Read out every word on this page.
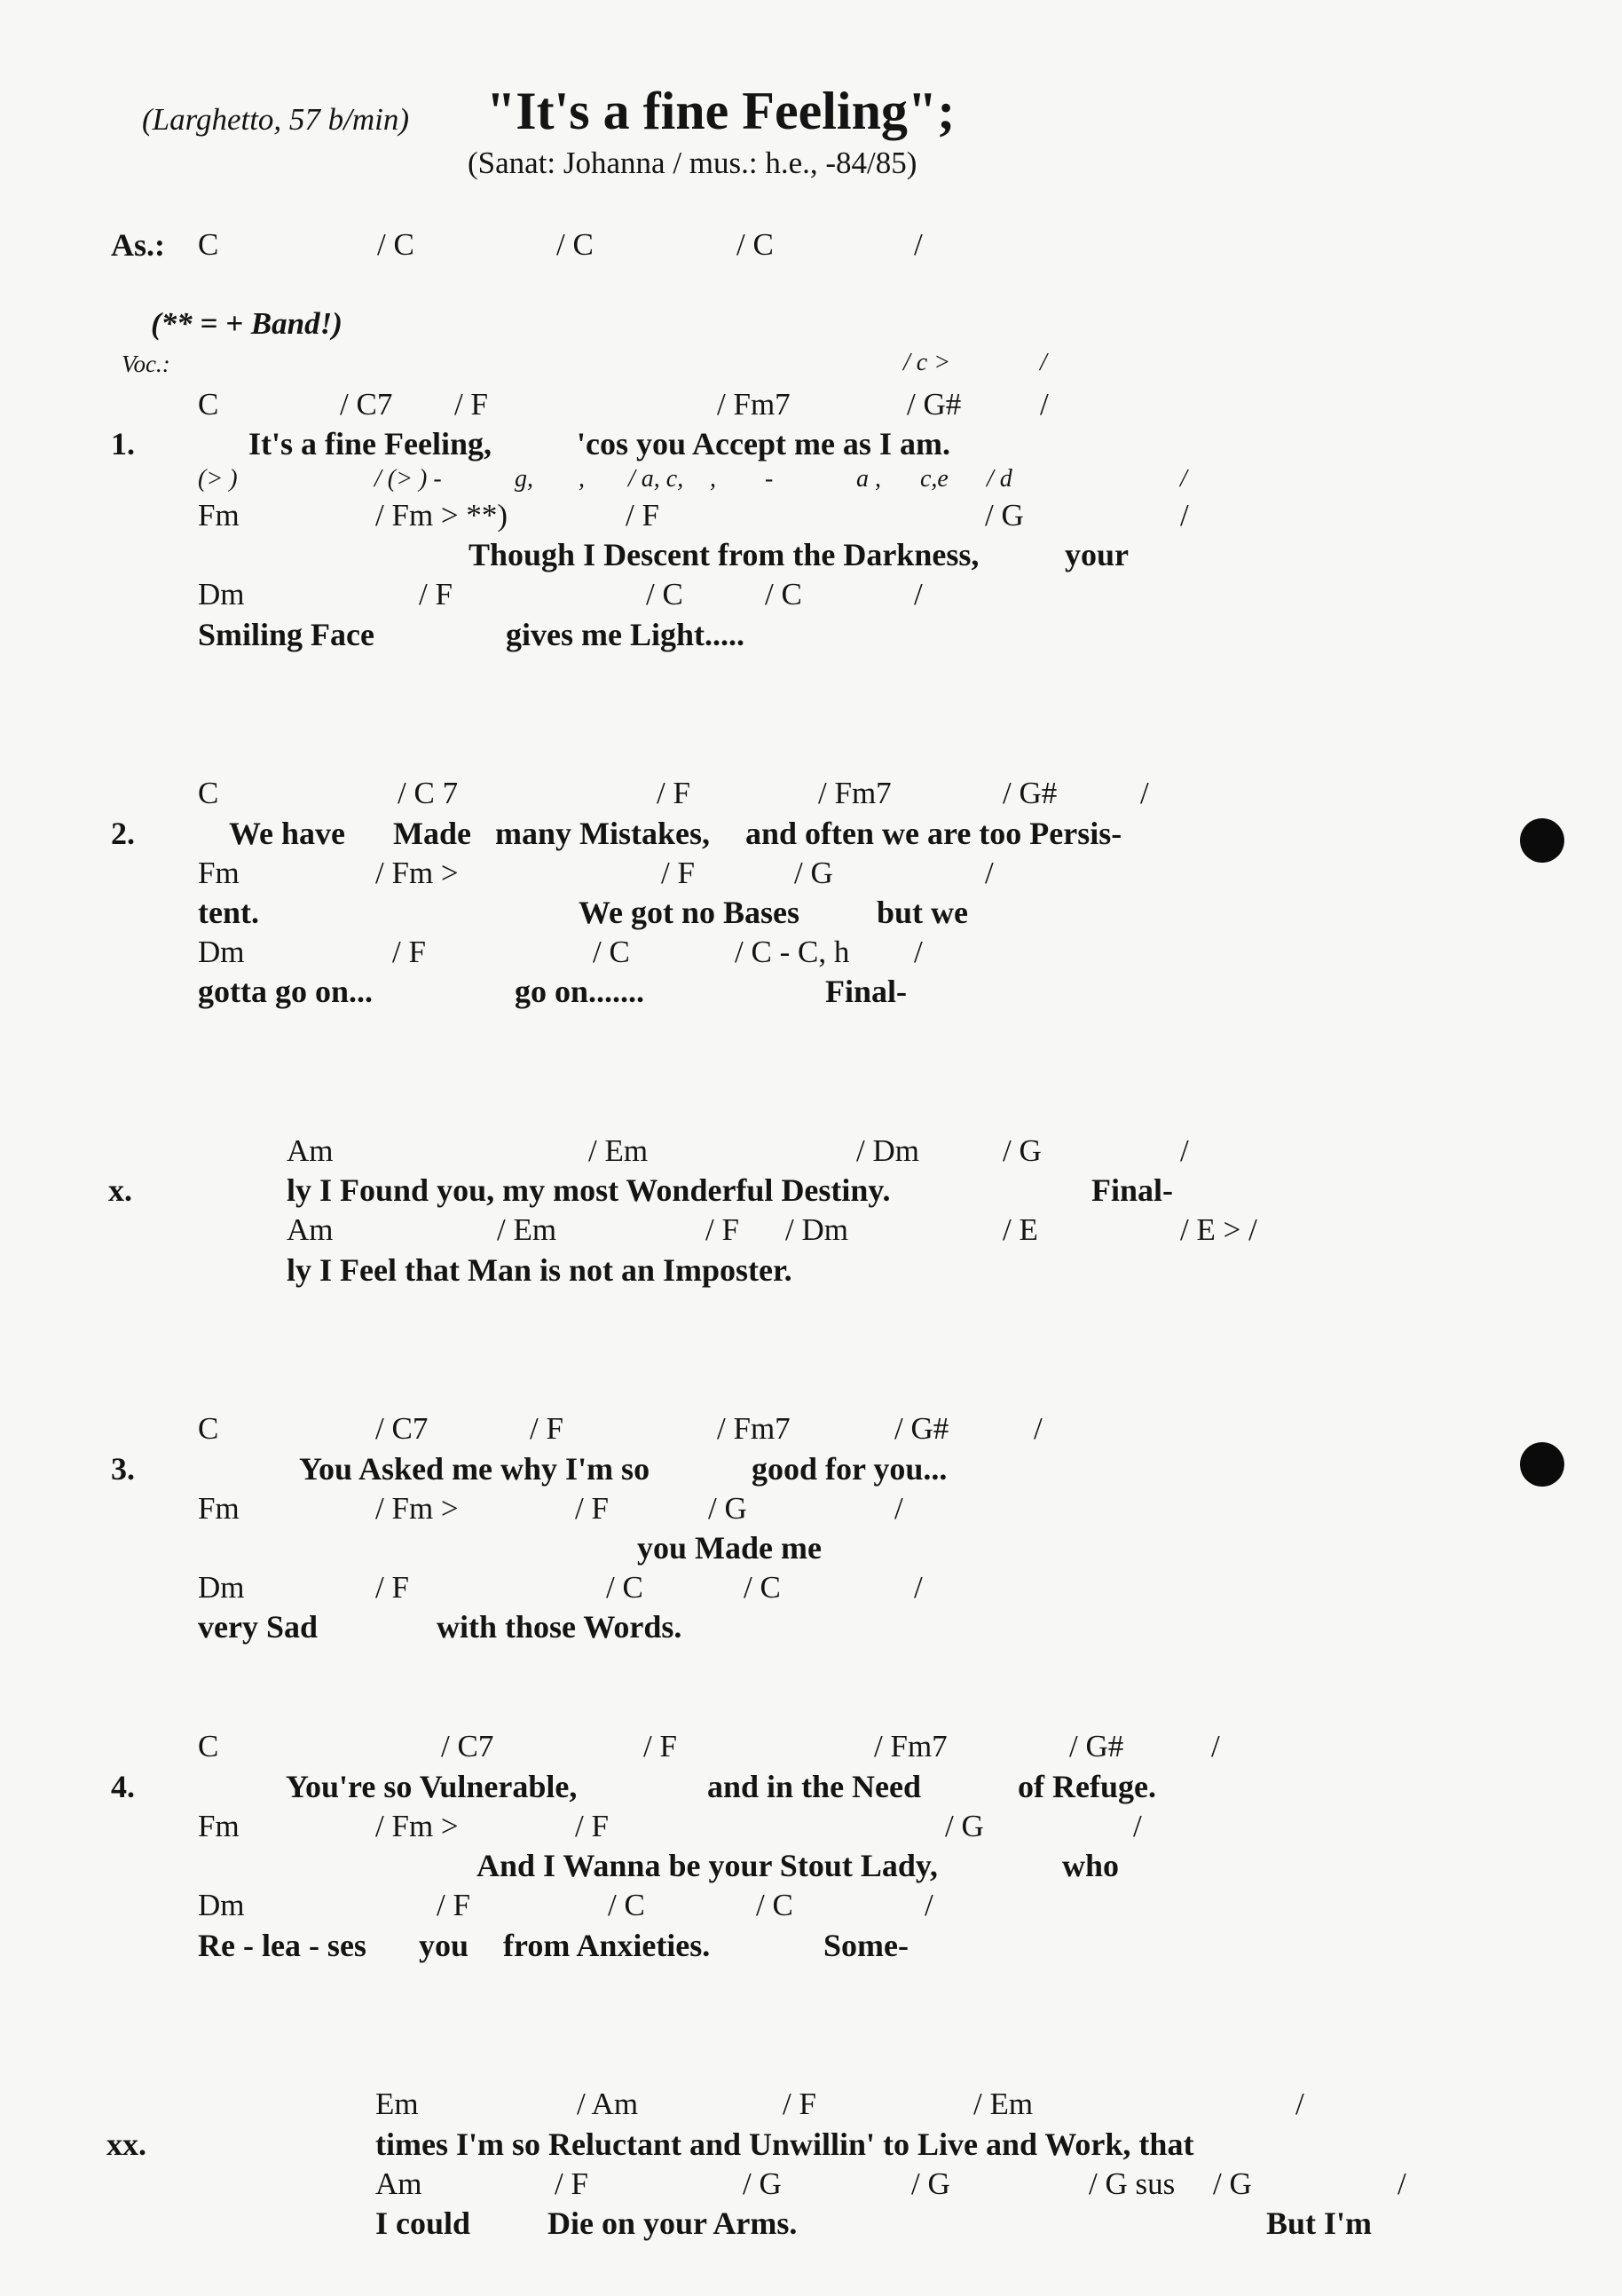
(Larghetto, 57 b/min) "It's a fine Feeling";
(Sanat: Johanna / mus.: h.e., -84/85)
As.: C	/ C	/ C	/ C	/
(** = + Band!)
Voc.:	/ c >	/
C	/ C7 / F	/ Fm7	/ G#	/
1.	It's a fine Feeling,	'cos you Accept me as I am.
(> )	/ (> ) -	g, , / a, c, , -	a , c,e / d	/
Fm	/ Fm > **)	/ F	/ G	/
Though I Descent from the Darkness,	your
Dm	/ F	/ C	/ C	/
Smiling Face	gives me Light.....
C	/ C 7	/ F	/ Fm7	/ G#	/
2.	We have Made many Mistakes, and often we are too Persis-
Fm	/ Fm >	/ F	/ G	/
tent.	We got no Bases but we
Dm	/ F	/ C	/ C - C, h /
gotta go on...	go on.......	Final-
Am	/ Em	/ Dm	/ G	/
x.	ly I Found you, my most Wonderful Destiny.	Final-
Am	/ Em	/ F / Dm	/ E	/ E > /
ly I Feel that Man is not an Imposter.
C	/ C7	/ F	/ Fm7	/ G#	/
3.	You Asked me why I'm so	good for you...
Fm	/ Fm >	/ F	/ G	/
you Made me
Dm	/ F	/ C	/ C	/
very Sad	with those Words.
C	/ C7	/ F	/ Fm7	/ G#	/
4.	You're so Vulnerable,	and in the Need	of Refuge.
Fm	/ Fm >	/ F	/ G	/
And I Wanna be your Stout Lady,	who
Dm	/ F	/ C	/ C	/
Re - lea - ses you from Anxieties.	Some-
Em	/ Am	/ F	/ Em	/
xx.	times I'm so Reluctant and Unwillin' to Live and Work, that
Am	/ F	/ G	/ G	/ G sus / G	/
I could Die on your Arms.	But I'm
